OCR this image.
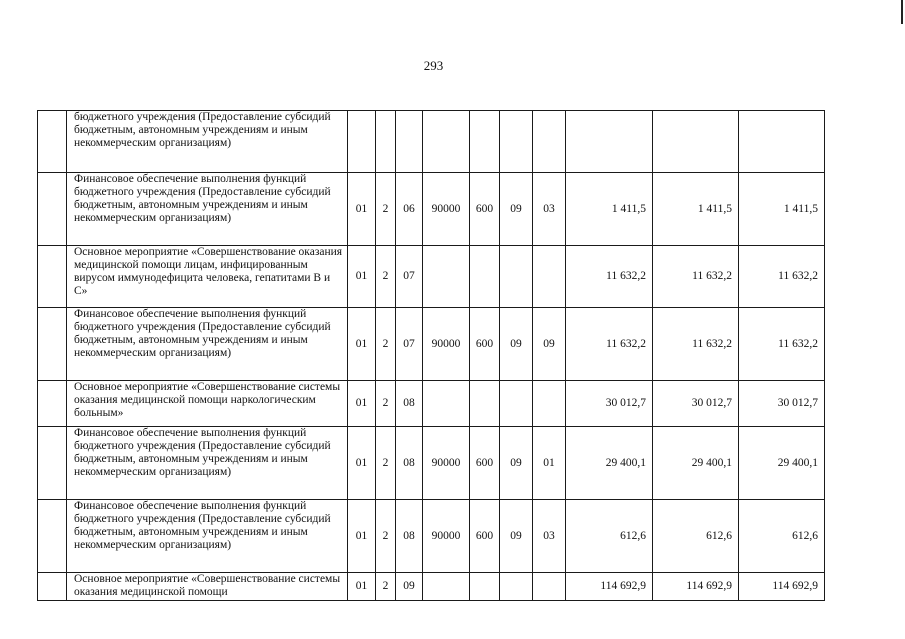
293
	бюджетного учреждения (Предоставление субсидий бюджетным, автономным учреждениям и иным некоммерческим организациям)										
	Финансовое обеспечение выполнения функций бюджетного учреждения (Предоставление субсидий бюджетным, автономным учреждениям и иным некоммерческим организациям)	01	2	06	90000	600	09	03	1 411,5	1 411,5	1 411,5
	Основное мероприятие «Совершенствование оказания медицинской помощи лицам, инфицированным вирусом иммунодефицита человека, гепатитами В и С»	01	2	07					11 632,2	11 632,2	11 632,2
	Финансовое обеспечение выполнения функций бюджетного учреждения (Предоставление субсидий бюджетным, автономным учреждениям и иным некоммерческим организациям)	01	2	07	90000	600	09	09	11 632,2	11 632,2	11 632,2
	Основное мероприятие «Совершенствование системы оказания медицинской помощи наркологическим больным»	01	2	08					30 012,7	30 012,7	30 012,7
	Финансовое обеспечение выполнения функций бюджетного учреждения (Предоставление субсидий бюджетным, автономным учреждениям и иным некоммерческим организациям)	01	2	08	90000	600	09	01	29 400,1	29 400,1	29 400,1
	Финансовое обеспечение выполнения функций бюджетного учреждения (Предоставление субсидий бюджетным, автономным учреждениям и иным некоммерческим организациям)	01	2	08	90000	600	09	03	612,6	612,6	612,6
	Основное мероприятие «Совершенствование системы оказания медицинской помощи	01	2	09					114 692,9	114 692,9	114 692,9
